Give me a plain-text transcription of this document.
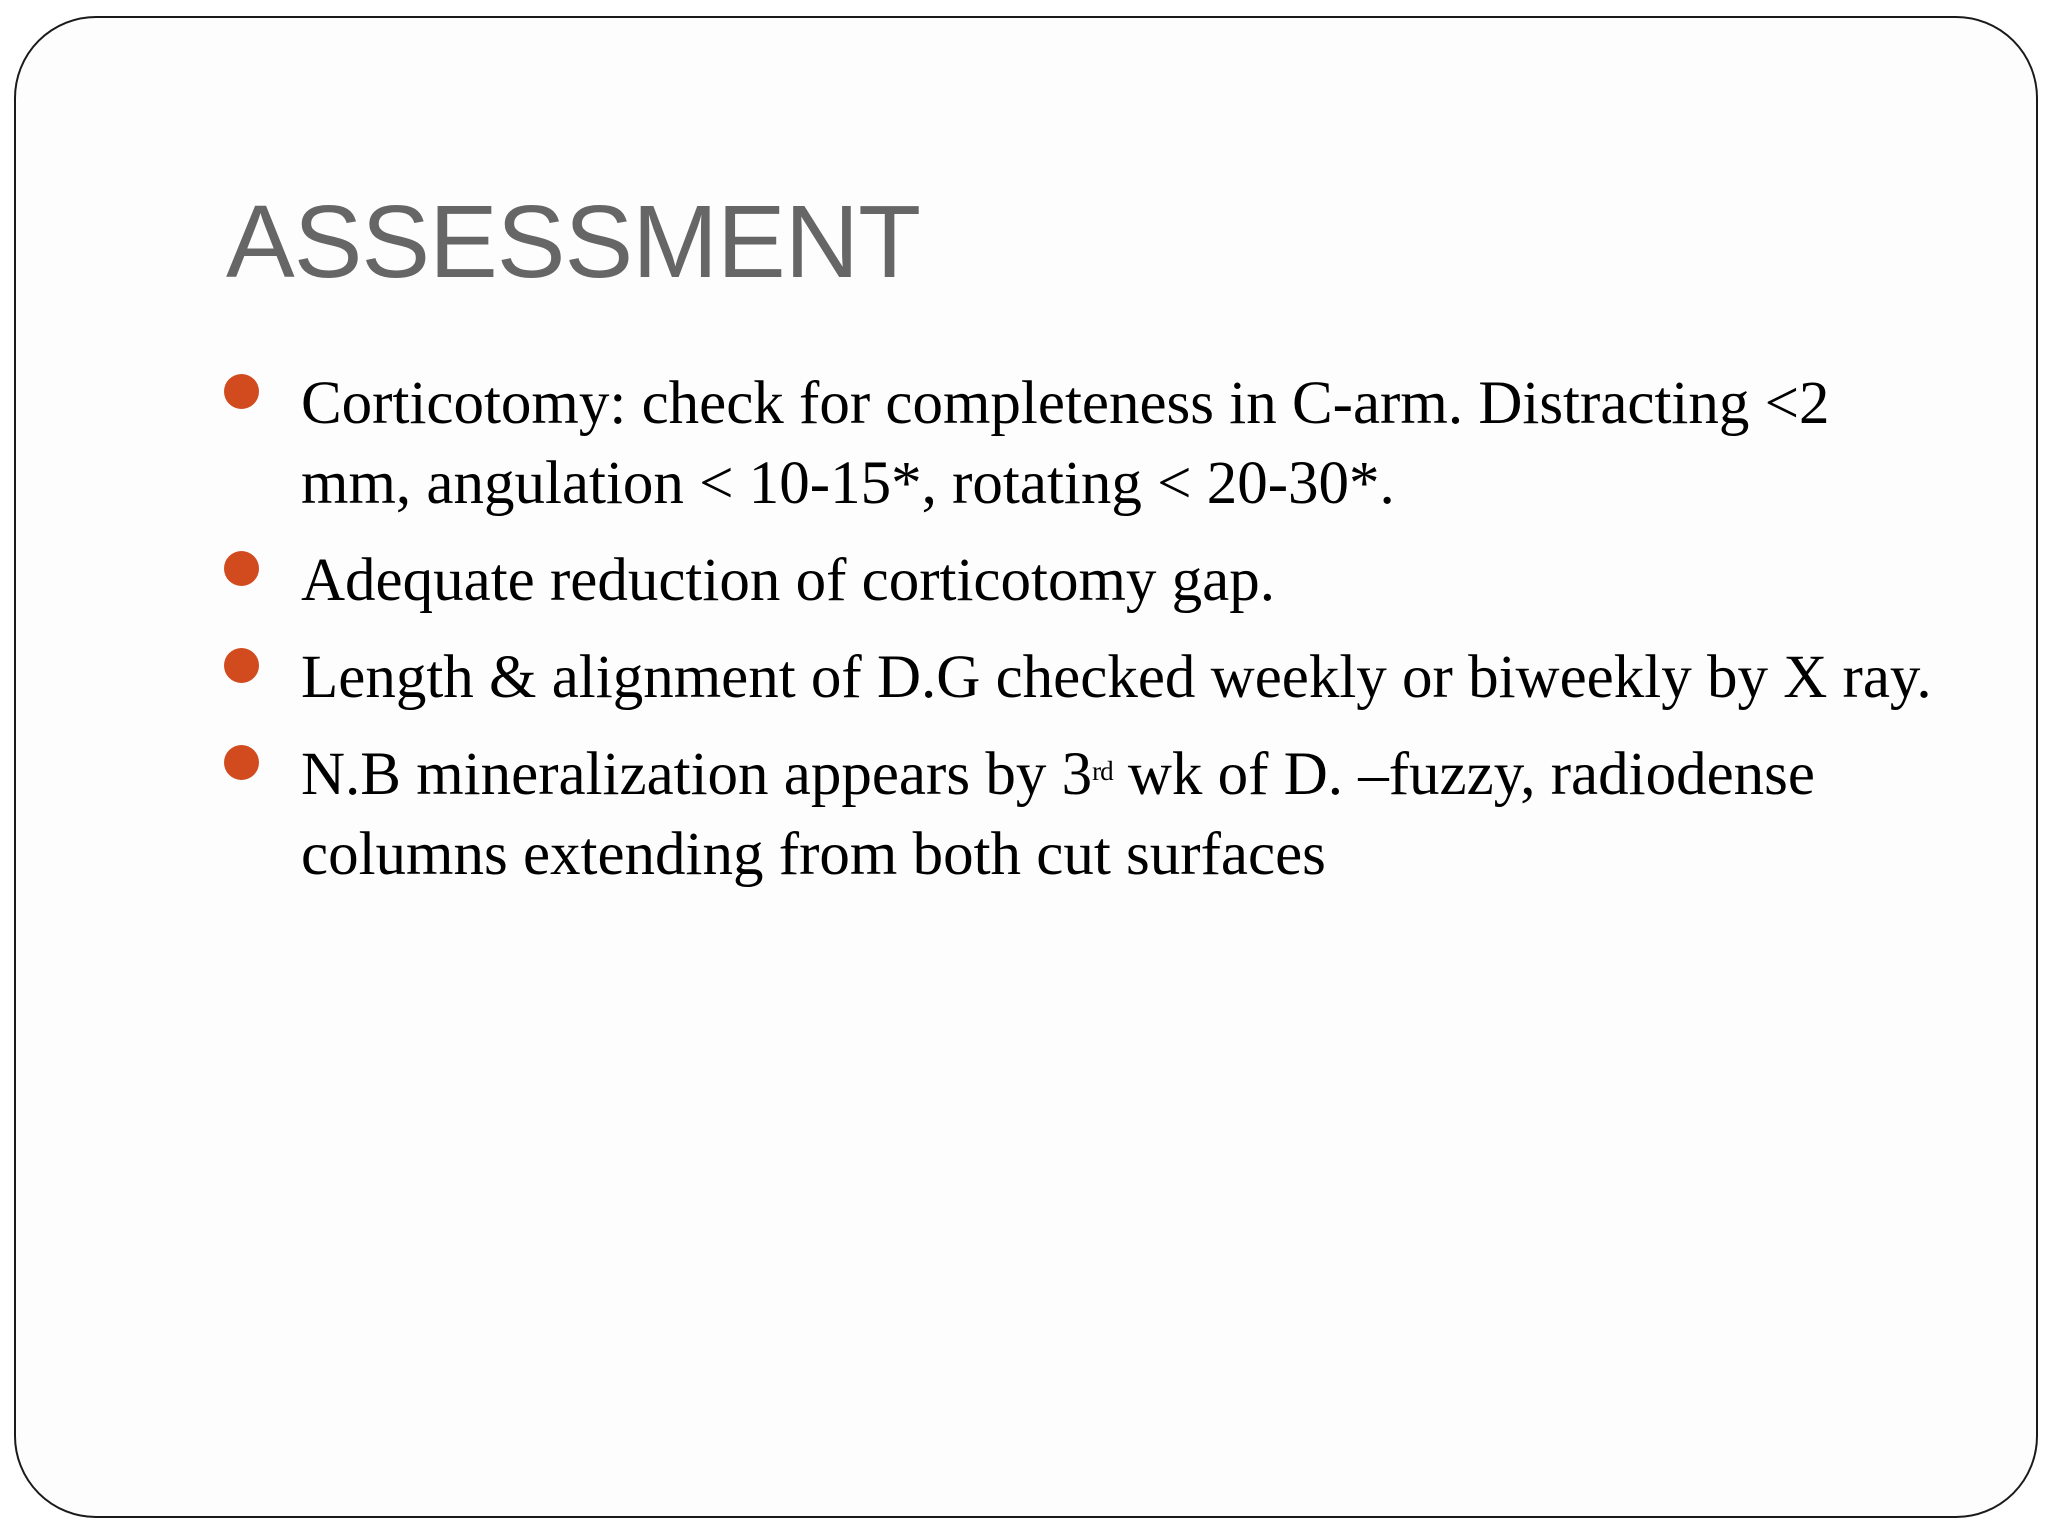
ASSESSMENT
Corticotomy: check for completeness in C-arm. Distracting <2 mm, angulation < 10-15*, rotating < 20-30*.
Adequate reduction of corticotomy gap.
Length & alignment of D.G checked weekly or biweekly by X ray.
N.B mineralization appears by 3rd wk of D. –fuzzy, radiodense columns extending from both cut surfaces
